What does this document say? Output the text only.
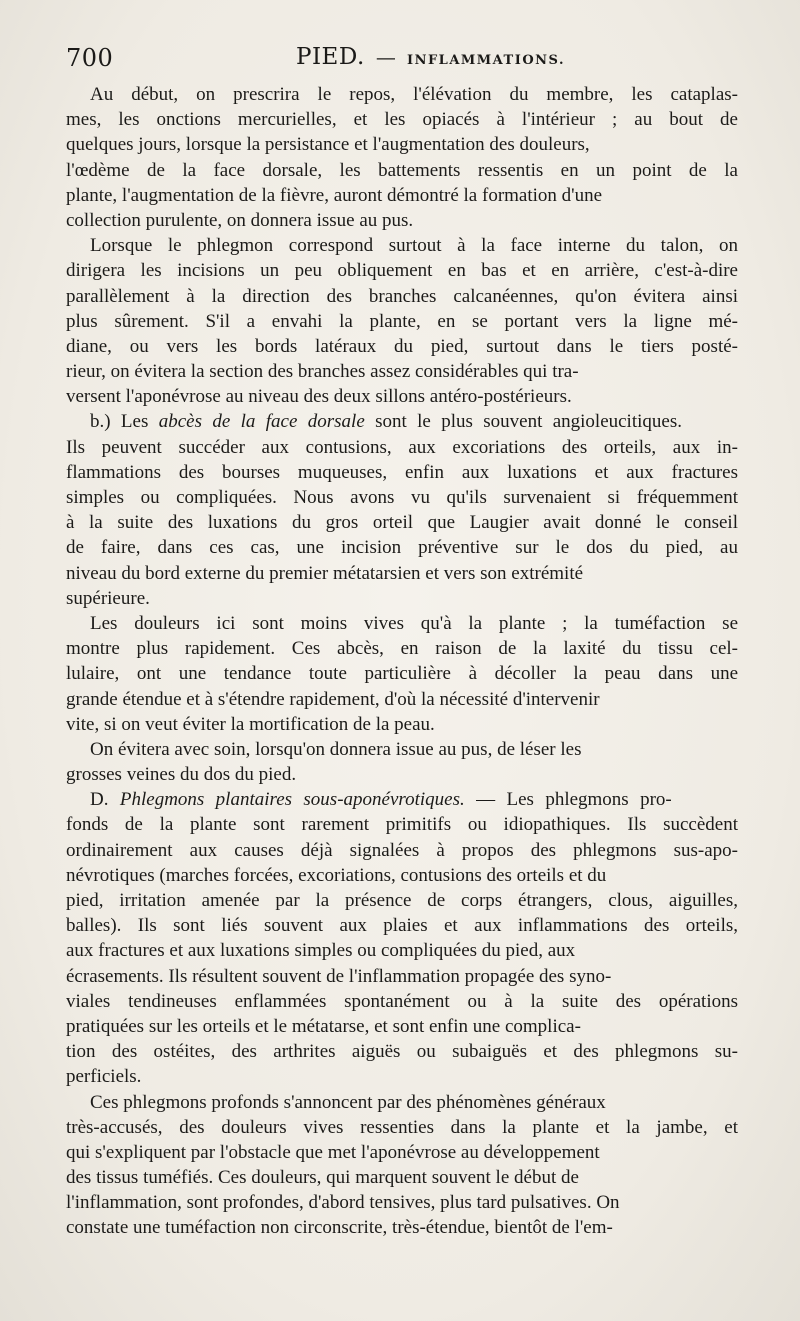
700	PIED. — INFLAMMATIONS.
Au début, on prescrira le repos, l'élévation du membre, les cataplas-
mes, les onctions mercurielles, et les opiacés à l'intérieur ; au bout de
quelques jours, lorsque la persistance et l'augmentation des douleurs,
l'œdème de la face dorsale, les battements ressentis en un point de la
plante, l'augmentation de la fièvre, auront démontré la formation d'une
collection purulente, on donnera issue au pus.
Lorsque le phlegmon correspond surtout à la face interne du talon, on
dirigera les incisions un peu obliquement en bas et en arrière, c'est-à-dire
parallèlement à la direction des branches calcanéennes, qu'on évitera ainsi
plus sûrement. S'il a envahi la plante, en se portant vers la ligne mé-
diane, ou vers les bords latéraux du pied, surtout dans le tiers posté-
rieur, on évitera la section des branches assez considérables qui tra-
versent l'aponévrose au niveau des deux sillons antéro-postérieurs.
b.) Les abcès de la face dorsale sont le plus souvent angioleucitiques.
Ils peuvent succéder aux contusions, aux excoriations des orteils, aux in-
flammations des bourses muqueuses, enfin aux luxations et aux fractures
simples ou compliquées. Nous avons vu qu'ils survenaient si fréquemment
à la suite des luxations du gros orteil que Laugier avait donné le conseil
de faire, dans ces cas, une incision préventive sur le dos du pied, au
niveau du bord externe du premier métatarsien et vers son extrémité
supérieure.
Les douleurs ici sont moins vives qu'à la plante ; la tuméfaction se
montre plus rapidement. Ces abcès, en raison de la laxité du tissu cel-
lulaire, ont une tendance toute particulière à décoller la peau dans une
grande étendue et à s'étendre rapidement, d'où la nécessité d'intervenir
vite, si on veut éviter la mortification de la peau.
On évitera avec soin, lorsqu'on donnera issue au pus, de léser les
grosses veines du dos du pied.
D. Phlegmons plantaires sous-aponévrotiques. — Les phlegmons pro-
fonds de la plante sont rarement primitifs ou idiopathiques. Ils succèdent
ordinairement aux causes déjà signalées à propos des phlegmons sus-apo-
névrotiques (marches forcées, excoriations, contusions des orteils et du
pied, irritation amenée par la présence de corps étrangers, clous, aiguilles,
balles). Ils sont liés souvent aux plaies et aux inflammations des orteils,
aux fractures et aux luxations simples ou compliquées du pied, aux
écrasements. Ils résultent souvent de l'inflammation propagée des syno-
viales tendineuses enflammées spontanément ou à la suite des opérations
pratiquées sur les orteils et le métatarse, et sont enfin une complica-
tion des ostéites, des arthrites aiguës ou subaiguës et des phlegmons su-
perficiels.
Ces phlegmons profonds s'annoncent par des phénomènes généraux
très-accusés, des douleurs vives ressenties dans la plante et la jambe, et
qui s'expliquent par l'obstacle que met l'aponévrose au développement
des tissus tuméfiés. Ces douleurs, qui marquent souvent le début de
l'inflammation, sont profondes, d'abord tensives, plus tard pulsatives. On
constate une tuméfaction non circonscrite, très-étendue, bientôt de l'em-
